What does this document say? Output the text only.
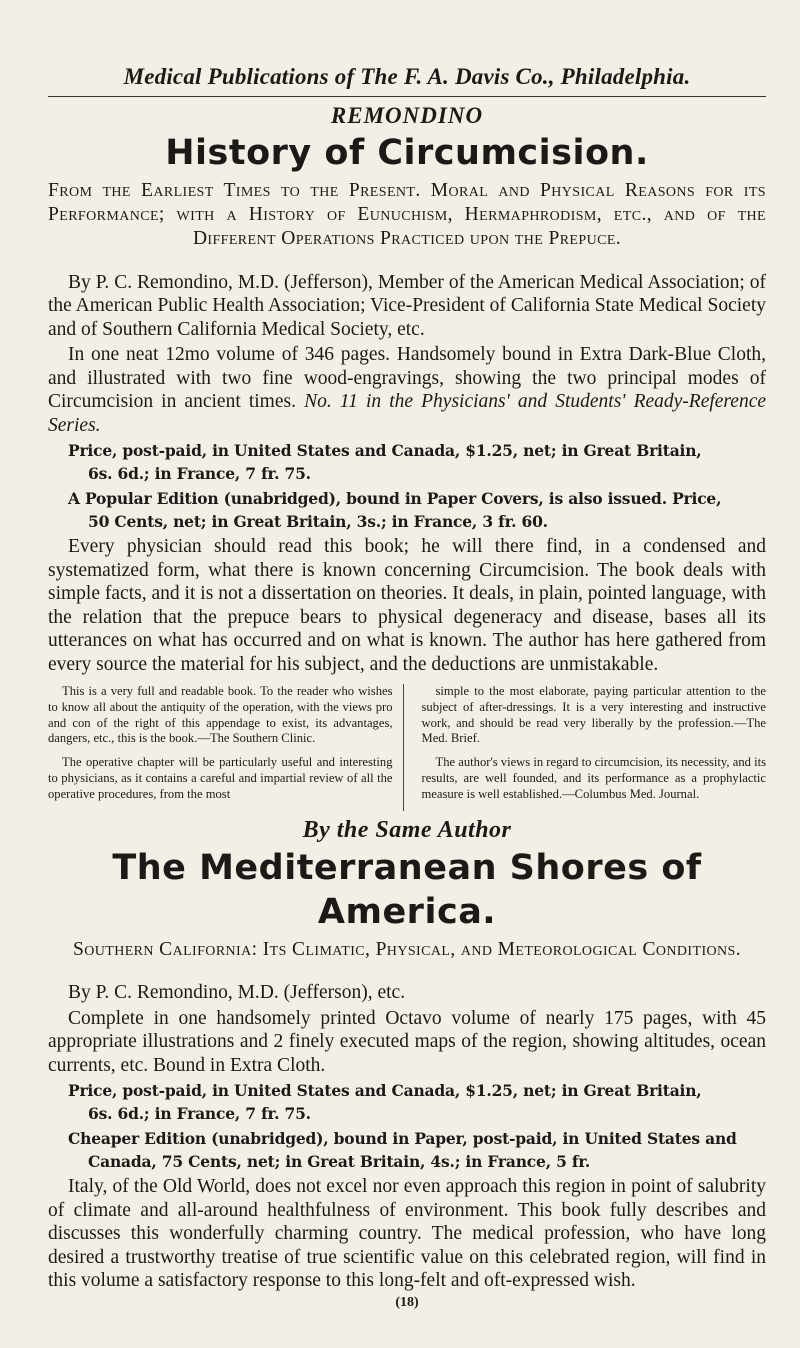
Medical Publications of The F. A. Davis Co., Philadelphia.
REMONDINO
History of Circumcision.

From the Earliest Times to the Present. Moral and Physical Reasons for its Performance; with a History of Eunuchism, Hermaphrodism, etc., and of the Different Operations Practiced upon the Prepuce.

By P. C. Remondino, M.D. (Jefferson), Member of the American Medical Association; of the American Public Health Association; Vice-President of California State Medical Society and of Southern California Medical Society, etc.

In one neat 12mo volume of 346 pages. Handsomely bound in Extra Dark-Blue Cloth, and illustrated with two fine wood-engravings, showing the two principal modes of Circumcision in ancient times. No. 11 in the Physicians' and Students' Ready-Reference Series.

Price, post-paid, in United States and Canada, $1.25, net; in Great Britain,
6s. 6d.; in France, 7 fr. 75.

A Popular Edition (unabridged), bound in Paper Covers, is also issued. Price,
50 Cents, net; in Great Britain, 3s.; in France, 3 fr. 60.

Every physician should read this book; he will there find, in a condensed and systematized form, what there is known concerning Circumcision. The book deals with simple facts, and it is not a dissertation on theories. It deals, in plain, pointed language, with the relation that the prepuce bears to physical degeneracy and disease, bases all its utterances on what has occurred and on what is known. The author has here gathered from every source the material for his subject, and the deductions are unmistakable.

This is a very full and readable book. To the reader who wishes to know all about the antiquity of the operation, with the views pro and con of the right of this appendage to exist, its advantages, dangers, etc., this is the book.—The Southern Clinic.

The operative chapter will be particularly useful and interesting to physicians, as it contains a careful and impartial review of all the operative procedures, from the most

simple to the most elaborate, paying particular attention to the subject of after-dressings. It is a very interesting and instructive work, and should be read very liberally by the profession.—The Med. Brief.

The author's views in regard to circumcision, its necessity, and its results, are well founded, and its performance as a prophylactic measure is well established.—Columbus Med. Journal.

By the Same Author
The Mediterranean Shores of America.

Southern California: Its Climatic, Physical, and Meteorological Conditions.

By P. C. Remondino, M.D. (Jefferson), etc.

Complete in one handsomely printed Octavo volume of nearly 175 pages, with 45 appropriate illustrations and 2 finely executed maps of the region, showing altitudes, ocean currents, etc. Bound in Extra Cloth.

Price, post-paid, in United States and Canada, $1.25, net; in Great Britain,
6s. 6d.; in France, 7 fr. 75.

Cheaper Edition (unabridged), bound in Paper, post-paid, in United States and
Canada, 75 Cents, net; in Great Britain, 4s.; in France, 5 fr.

Italy, of the Old World, does not excel nor even approach this region in point of salubrity of climate and all-around healthfulness of environment. This book fully describes and discusses this wonderfully charming country. The medical profession, who have long desired a trustworthy treatise of true scientific value on this celebrated region, will find in this volume a satisfactory response to this long-felt and oft-expressed wish.

(18)
